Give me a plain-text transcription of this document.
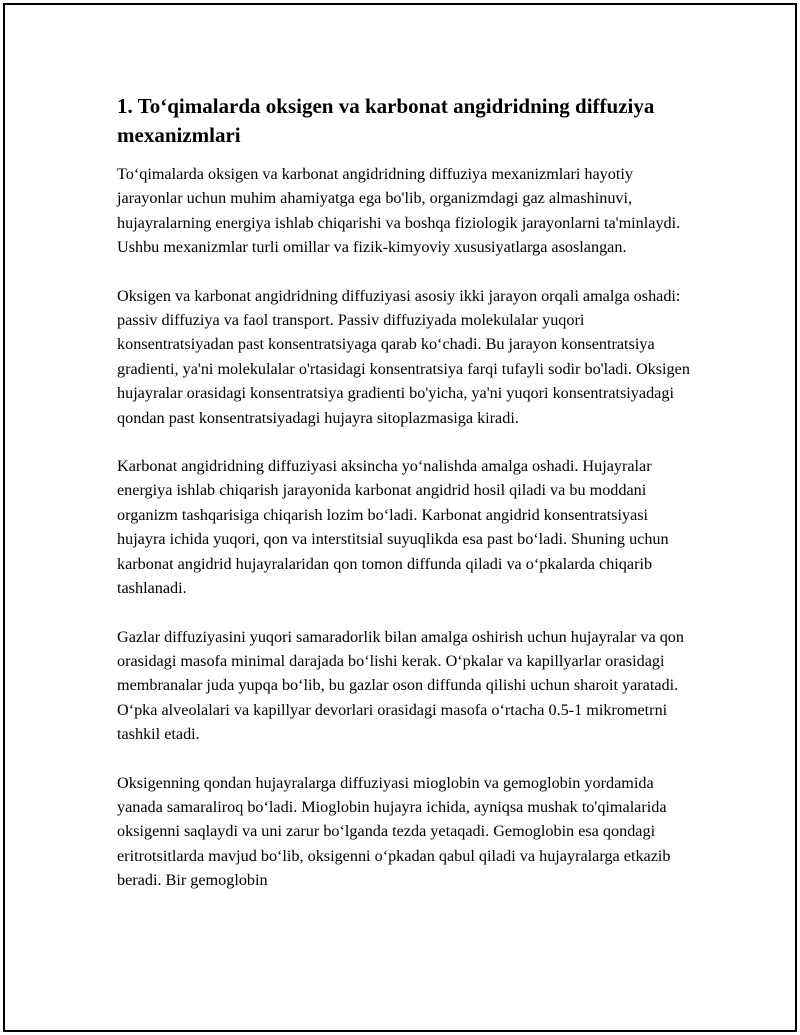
1. To‘qimalarda oksigen va karbonat angidridning diffuziya mexanizmlari

To‘qimalarda oksigen va karbonat angidridning diffuziya mexanizmlari hayotiy jarayonlar uchun muhim ahamiyatga ega bo'lib, organizmdagi gaz almashinuvi, hujayralarning energiya ishlab chiqarishi va boshqa fiziologik jarayonlarni ta'minlaydi. Ushbu mexanizmlar turli omillar va fizik-kimyoviy xususiyatlarga asoslangan.

Oksigen va karbonat angidridning diffuziyasi asosiy ikki jarayon orqali amalga oshadi: passiv diffuziya va faol transport. Passiv diffuziyada molekulalar yuqori konsentratsiyadan past konsentratsiyaga qarab ko‘chadi. Bu jarayon konsentratsiya gradienti, ya'ni molekulalar o'rtasidagi konsentratsiya farqi tufayli sodir bo'ladi. Oksigen hujayralar orasidagi konsentratsiya gradienti bo'yicha, ya'ni yuqori konsentratsiyadagi qondan past konsentratsiyadagi hujayra sitoplazmasiga kiradi.

Karbonat angidridning diffuziyasi aksincha yo‘nalishda amalga oshadi. Hujayralar energiya ishlab chiqarish jarayonida karbonat angidrid hosil qiladi va bu moddani organizm tashqarisiga chiqarish lozim bo‘ladi. Karbonat angidrid konsentratsiyasi hujayra ichida yuqori, qon va interstitsial suyuqlikda esa past bo‘ladi. Shuning uchun karbonat angidrid hujayralaridan qon tomon diffunda qiladi va o‘pkalarda chiqarib tashlanadi.

Gazlar diffuziyasini yuqori samaradorlik bilan amalga oshirish uchun hujayralar va qon orasidagi masofa minimal darajada bo‘lishi kerak. O‘pkalar va kapillyarlar orasidagi membranalar juda yupqa bo‘lib, bu gazlar oson diffunda qilishi uchun sharoit yaratadi. O‘pka alveolalari va kapillyar devorlari orasidagi masofa o‘rtacha 0.5-1 mikrometrni tashkil etadi.

Oksigenning qondan hujayralarga diffuziyasi mioglobin va gemoglobin yordamida yanada samaraliroq bo‘ladi. Mioglobin hujayra ichida, ayniqsa mushak to'qimalarida oksigenni saqlaydi va uni zarur bo‘lganda tezda yetaqadi. Gemoglobin esa qondagi eritrotsitlarda mavjud bo‘lib, oksigenni o‘pkadan qabul qiladi va hujayralarga etkazib beradi. Bir gemoglobin
